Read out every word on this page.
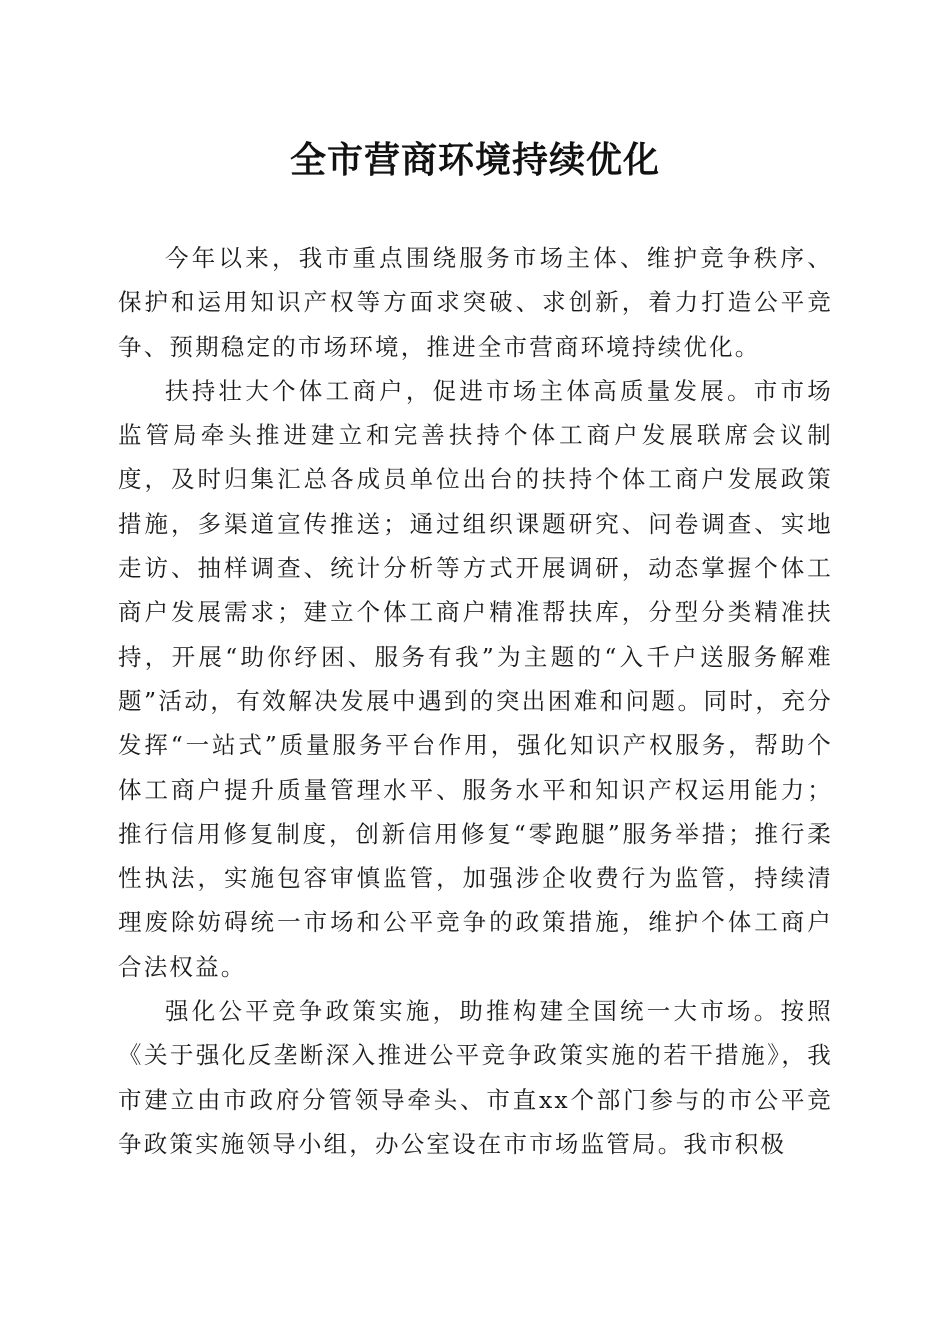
全市营商环境持续优化

今年以来，我市重点围绕服务市场主体、维护竞争秩序、保护和运用知识产权等方面求突破、求创新，着力打造公平竞争、预期稳定的市场环境，推进全市营商环境持续优化。

扶持壮大个体工商户，促进市场主体高质量发展。市市场监管局牵头推进建立和完善扶持个体工商户发展联席会议制度，及时归集汇总各成员单位出台的扶持个体工商户发展政策措施，多渠道宣传推送；通过组织课题研究、问卷调查、实地走访、抽样调查、统计分析等方式开展调研，动态掌握个体工商户发展需求；建立个体工商户精准帮扶库，分型分类精准扶持，开展“助你纾困、服务有我”为主题的“入千户送服务解难题”活动，有效解决发展中遇到的突出困难和问题。同时，充分发挥“一站式”质量服务平台作用，强化知识产权服务，帮助个体工商户提升质量管理水平、服务水平和知识产权运用能力；推行信用修复制度，创新信用修复“零跑腿”服务举措；推行柔性执法，实施包容审慎监管，加强涉企收费行为监管，持续清理废除妨碍统一市场和公平竞争的政策措施，维护个体工商户合法权益。

强化公平竞争政策实施，助推构建全国统一大市场。按照《关于强化反垄断深入推进公平竞争政策实施的若干措施》，我市建立由市政府分管领导牵头、市直xx个部门参与的市公平竞争政策实施领导小组，办公室设在市市场监管局。我市积极
